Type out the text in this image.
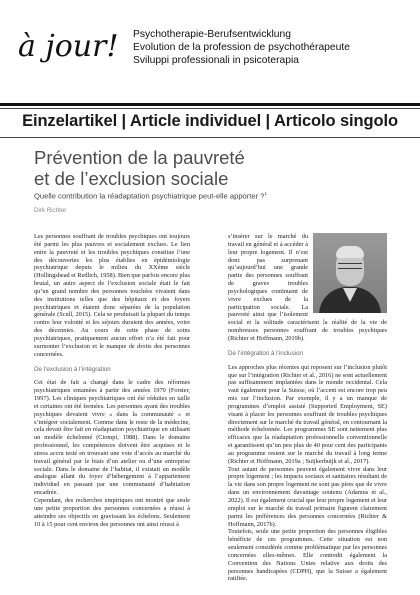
à jour! Psychotherapie-Berufsentwicklung
Evolution de la profession de psychothérapeute
Sviluppi professionali in psicoterapia
Einzelartikel | Article individuel | Articolo singolo
Prévention de la pauvreté
et de l’exclusion sociale
Quelle contribution la réadaptation psychiatrique peut-elle apporter ?$^1$
Dirk Richter

Les personnes souffrant de troubles psychiques ont toujours été parmi les plus pauvres et socialement exclues. Le lien entre la pauvreté et les troubles psychiques constitue l’une des découvertes les plus établies en épidémiologie psychiatrique depuis le milieu du XXème siècle (Hollingshead et Redlich, 1958). Bien que parfois encore plus brutal, un autre aspect de l’exclusion sociale était le fait qu’un grand nombre des personnes touchées vivaient dans des institutions telles que des hôpitaux et des foyers psychiatriques et étaient donc séparées de la population générale (Scull, 2015). Cela se produisait la plupart du temps contre leur volonté et les séjours duraient des années, voire des décennies. Au cours de cette phase de soins psychiatriques, pratiquement aucun effort n’a été fait pour surmonter l’exclusion et le manque de droits des personnes concernées.

De l’exclusion à l’intégration

Cet état de fait a changé dans le cadre des réformes psychiatriques entamées à partir des années 1970 (Forster, 1997). Les cliniques psychiatriques ont été réduites en taille et certaines ont été fermées. Les personnes ayant des troubles psychiques devaient vivre « dans la communauté » et s’intégrer socialement. Comme dans le reste de la médecine, cela devait être fait en réadaptation psychiatrique en utilisant un modèle échelonné (Ciompi, 1988). Dans le domaine professionnel, les compétences doivent être acquises et le stress accru testé en trouvant une voie d’accès au marché du travail général par le biais d’un atelier ou d’une entreprise sociale. Dans le domaine de l’habitat, il existait un modèle analogue allant du foyer d’hébergement à l’appartement individuel en passant par une communauté d’habitation encadrée.

Cependant, des recherches empiriques ont montré que seule une petite proportion des personnes concernées a réussi à atteindre ses objectifs en gravissant les échelons. Seulement 10 à 15 pour cent environ des personnes ont ainsi réussi à

s’insérer sur le marché du travail en général et à accéder à leur propre logement. Il n’est donc pas surprenant qu’aujourd’hui une grande partie des personnes souffrant de graves troubles psychologiques continuent de vivre exclues de la participation sociale. La pauvreté ainsi que l’isolement social et la solitude caractérisent la réalité de la vie de nombreuses personnes souffrant de troubles psychiques (Richter et Hoffmann, 2019b).

De l’intégration à l’inclusion

Les approches plus récentes qui reposent sur l’inclusion plutôt que sur l’intégration (Richter et al., 2016) ne sont actuellement pas suffisamment implantées dans le monde occidental. Cela vaut également pour la Suisse, où l’accent est encore trop peu mis sur l’inclusion. Par exemple, il y a un manque de programmes d’emploi assisté (Supported Employment, SE) visant à placer les personnes souffrant de troubles psychiques directement sur le marché du travail général, en contournant la méthode échelonnée. Les programmes SE sont nettement plus efficaces que la réadaptation professionnelle conventionnelle et garantissent qu’un peu plus de 40 pour cent des participants au programme restent sur le marché du travail à long terme (Richter et Hoffmann, 2019a ; Suijkerbuijk et al., 2017).

Tout autant de personnes peuvent également vivre dans leur propre logement ; les impacts sociaux et sanitaires résultant de la vie dans son propre logement ne sont pas pires que de vivre dans un environnement davantage soutenu (Adamus et al., 2022). Il est également crucial que leur propre logement et leur emploi sur le marché du travail primaire figurent clairement parmi les préférences des personnes concernées (Richter & Hoffmann, 2017b).

Toutefois, seule une petite proportion des personnes éligibles bénéficie de ces programmes. Cette situation est non seulement considérée comme problématique par les personnes concernées elles-mêmes. Elle contredit également la Convention des Nations Unies relative aux droits des personnes handicapées (CDPH), que la Suisse a également ratifiée.
